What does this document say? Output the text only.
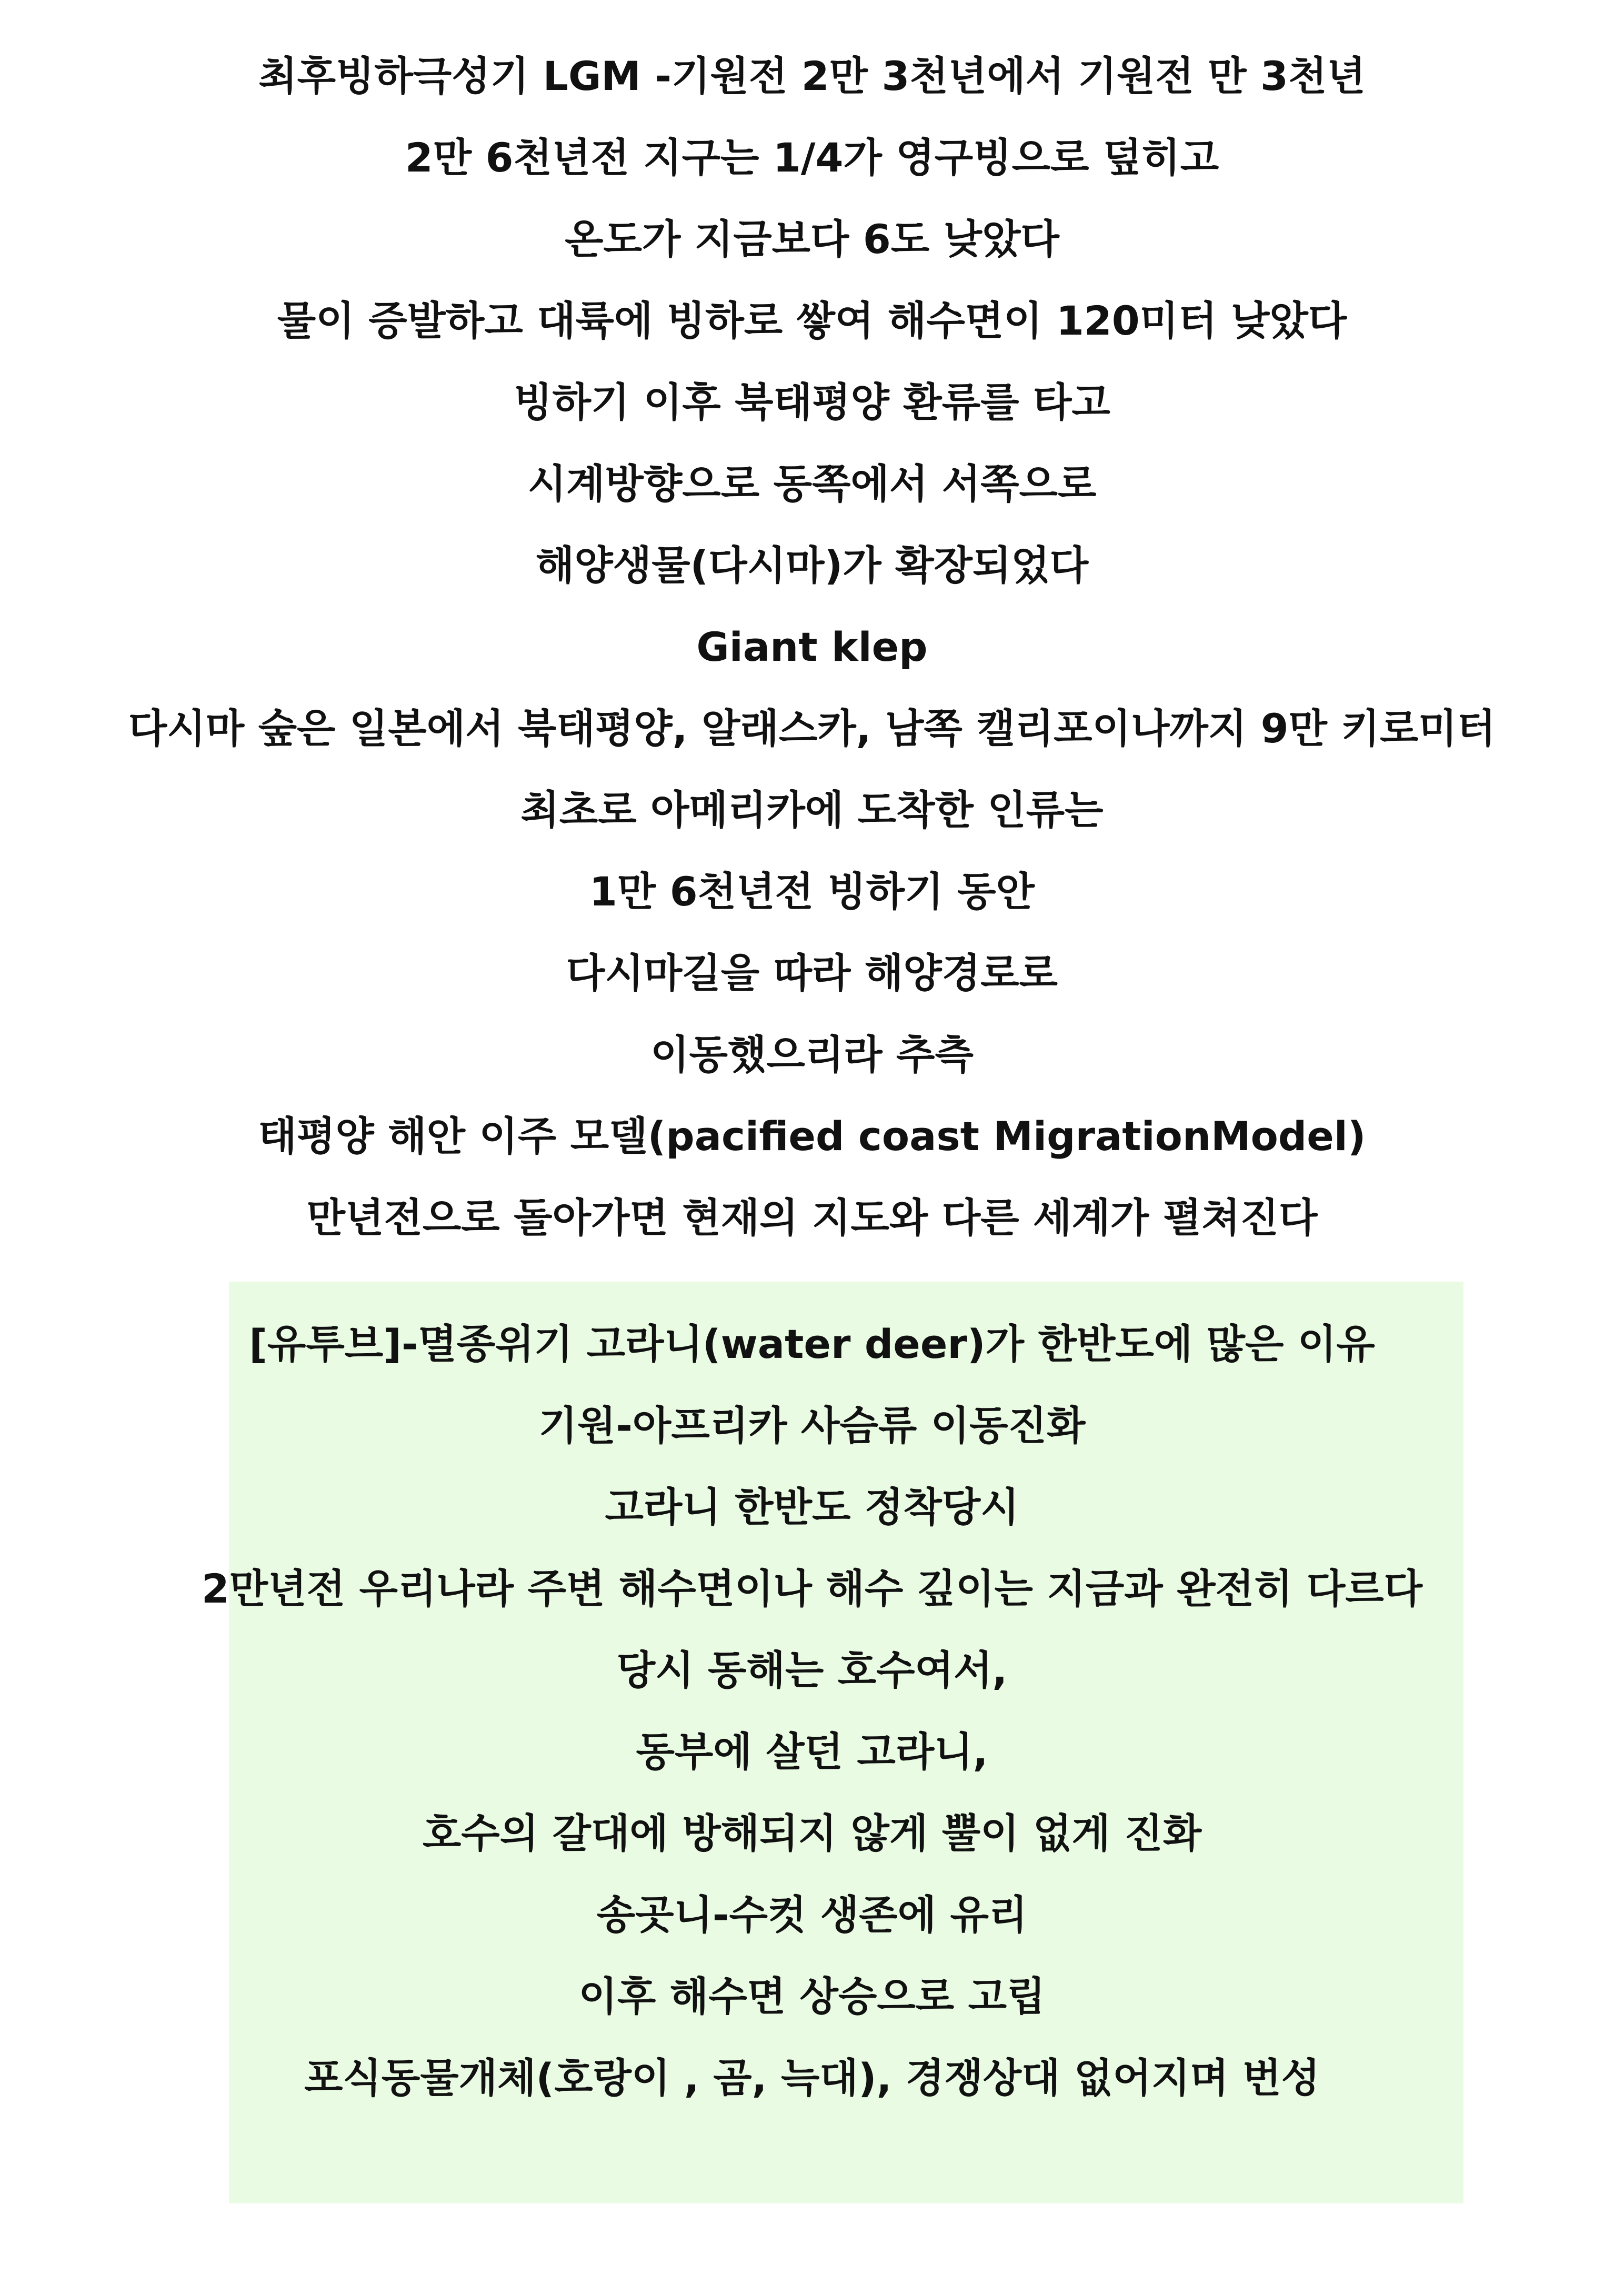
최후빙하극성기 LGM -기원전 2만 3천년에서 기원전 만 3천년
2만 6천년전 지구는 1/4가 영구빙으로 덮히고
온도가 지금보다 6도 낮았다
물이 증발하고 대륙에 빙하로 쌓여 해수면이 120미터 낮았다
빙하기 이후 북태평양 환류를 타고
시계방향으로 동쪽에서 서쪽으로
해양생물(다시마)가 확장되었다
Giant klep
다시마 숲은 일본에서 북태평양, 알래스카, 남쪽 캘리포이나까지 9만 키로미터
최초로 아메리카에 도착한 인류는
1만 6천년전 빙하기 동안
다시마길을 따라 해양경로로
이동했으리라 추측
태평양 해안 이주 모델(pacified coast MigrationModel)
만년전으로 돌아가면 현재의 지도와 다른 세계가 펼쳐진다
[유투브]-멸종위기 고라니(water deer)가 한반도에 많은 이유
기원-아프리카 사슴류 이동진화
고라니 한반도 정착당시
2만년전 우리나라 주변 해수면이나 해수 깊이는 지금과 완전히 다르다
당시 동해는 호수여서,
동부에 살던 고라니,
호수의 갈대에 방해되지 않게 뿔이 없게 진화
송곳니-수컷 생존에 유리
이후 해수면 상승으로 고립
포식동물개체(호랑이 , 곰, 늑대), 경쟁상대 없어지며 번성
